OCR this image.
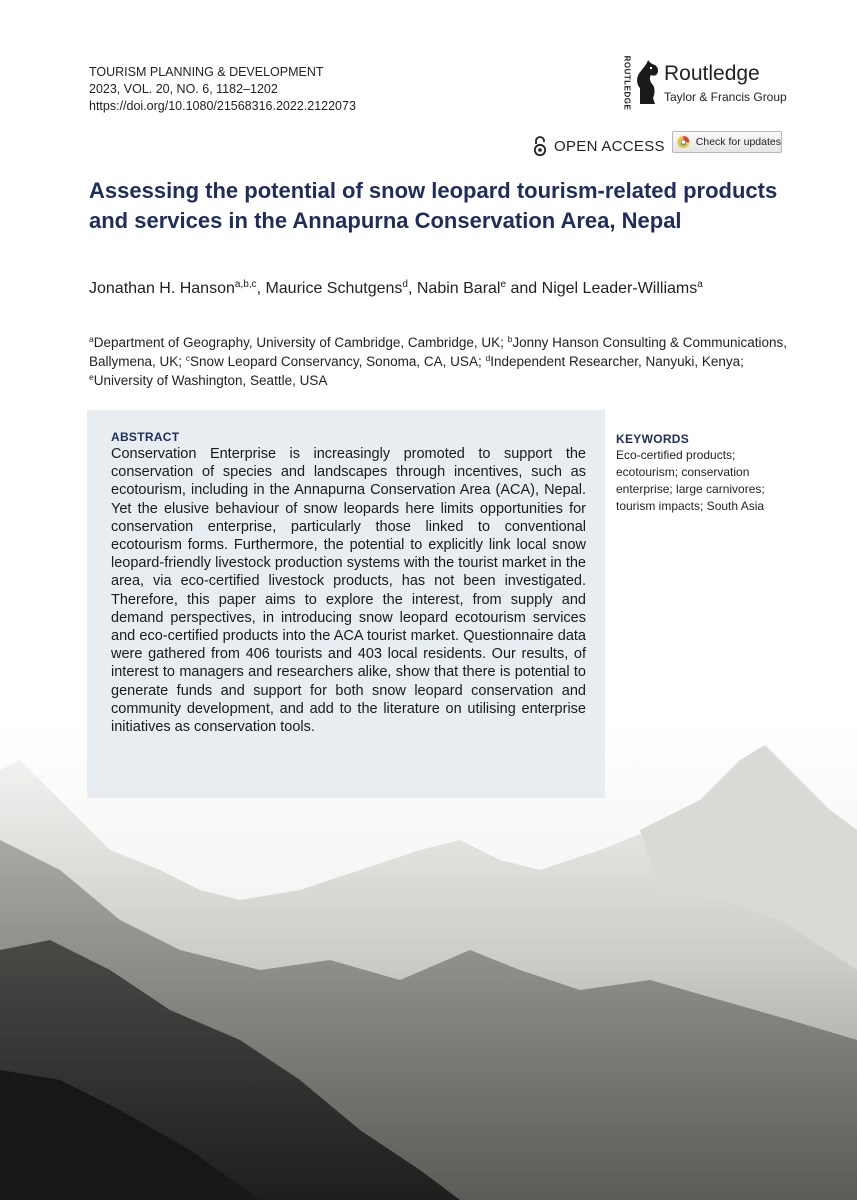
TOURISM PLANNING & DEVELOPMENT
2023, VOL. 20, NO. 6, 1182–1202
https://doi.org/10.1080/21568316.2022.2122073	ROUTLEDGE Routledge
Taylor & Francis Group
OPEN ACCESS	Check for updates
Assessing the potential of snow leopard tourism-related products and services in the Annapurna Conservation Area, Nepal
Jonathan H. Hanson$^{a,b,c}$, Maurice Schutgens$^d$, Nabin Baral$^e$ and Nigel Leader-Williams$^a$
$^a$Department of Geography, University of Cambridge, Cambridge, UK; $^b$Jonny Hanson Consulting & Communications, Ballymena, UK; $^c$Snow Leopard Conservancy, Sonoma, CA, USA; $^d$Independent Researcher, Nanyuki, Kenya; $^e$University of Washington, Seattle, USA
ABSTRACT
Conservation Enterprise is increasingly promoted to support the conservation of species and landscapes through incentives, such as ecotourism, including in the Annapurna Conservation Area (ACA), Nepal. Yet the elusive behaviour of snow leopards here limits opportunities for conservation enterprise, particularly those linked to conventional ecotourism forms. Furthermore, the potential to explicitly link local snow leopard-friendly livestock production systems with the tourist market in the area, via eco-certified livestock products, has not been investigated. Therefore, this paper aims to explore the interest, from supply and demand perspectives, in introducing snow leopard ecotourism services and eco-certified products into the ACA tourist market. Questionnaire data were gathered from 406 tourists and 403 local residents. Our results, of interest to managers and researchers alike, show that there is potential to generate funds and support for both snow leopard conservation and community development, and add to the literature on utilising enterprise initiatives as conservation tools.
KEYWORDS
Eco-certified products; ecotourism; conservation enterprise; large carnivores; tourism impacts; South Asia
